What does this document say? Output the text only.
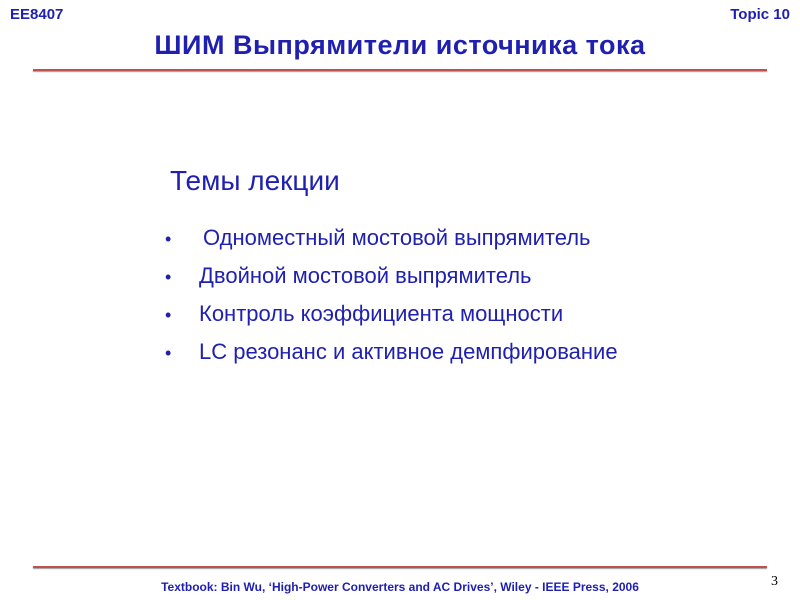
EE8407	Topic 10
ШИМ Выпрямители источника тока
Темы лекции
•	Одноместный мостовой выпрямитель
•	Двойной мостовой выпрямитель
•	Контроль коэффициента мощности
•	LC резонанс и активное демпфирование
Textbook: Bin Wu, ‘High-Power Converters and AC Drives’, Wiley - IEEE Press, 2006	3
